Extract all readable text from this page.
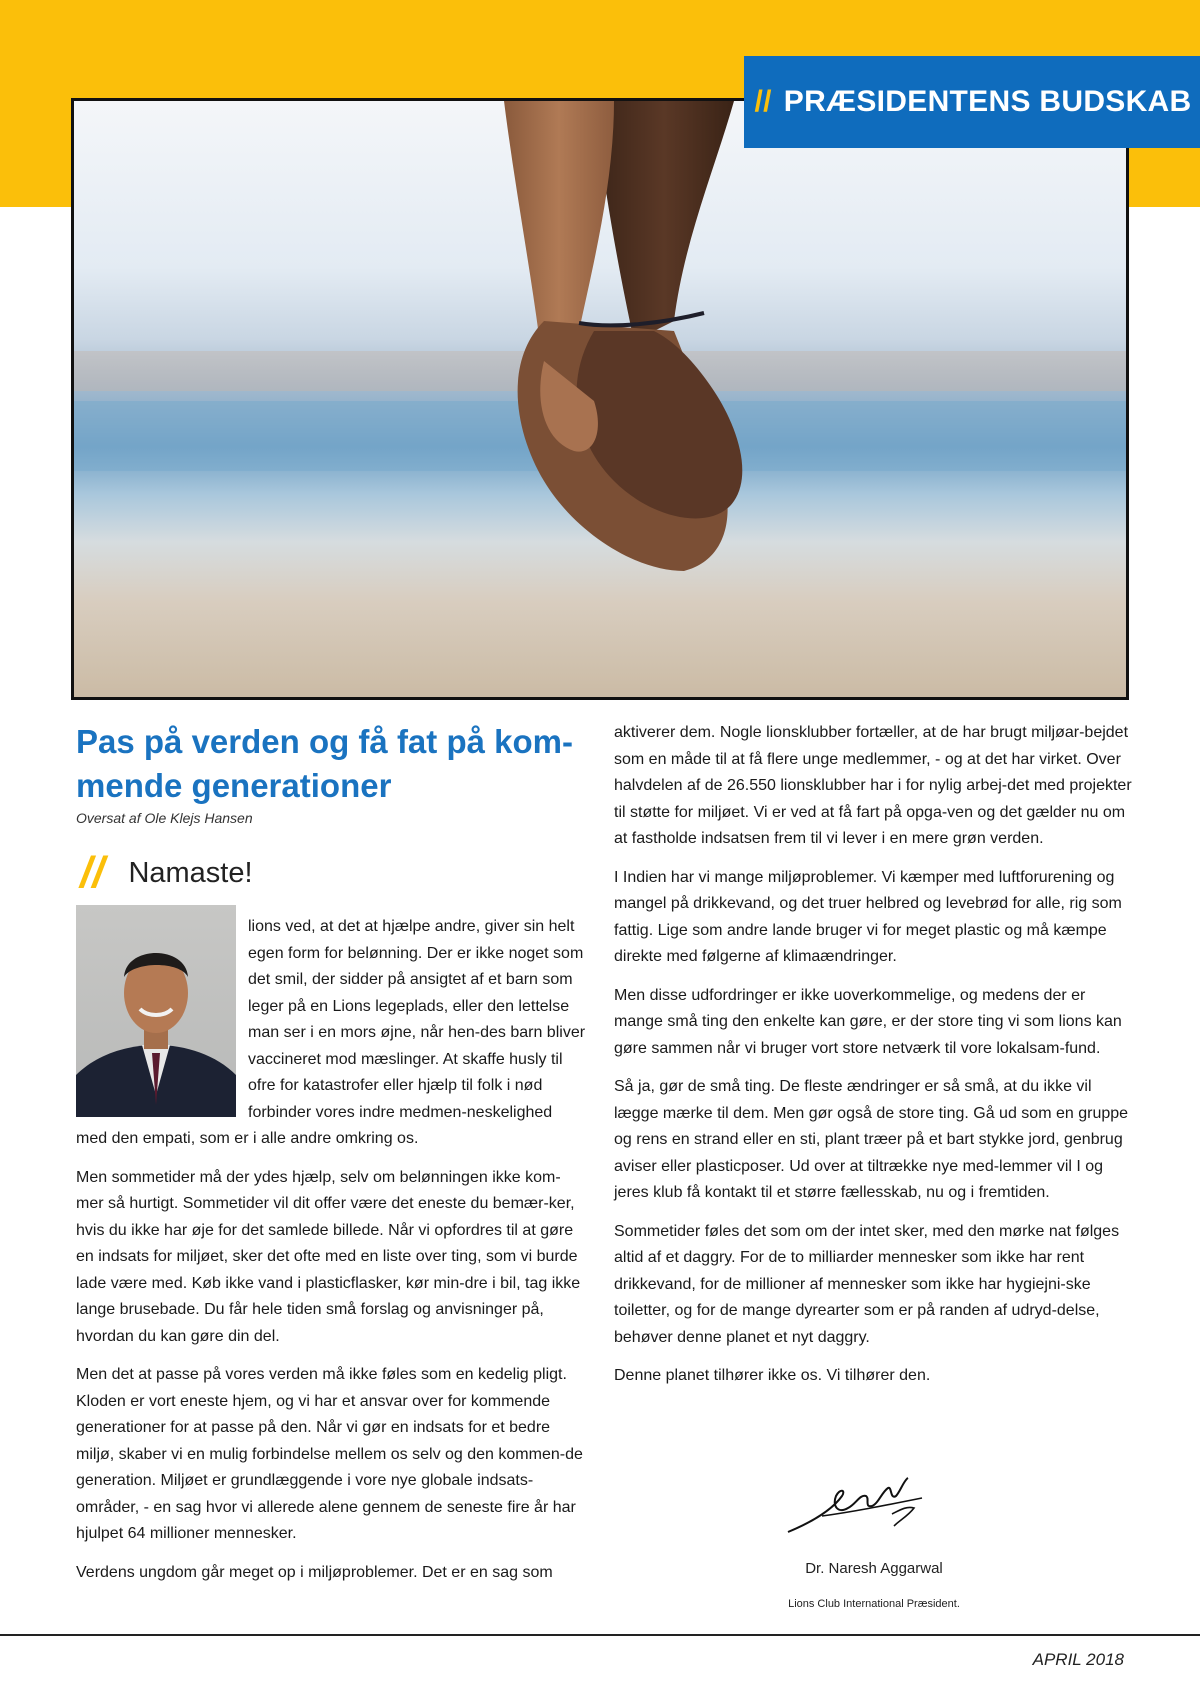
// PRÆSIDENTENS BUDSKAB
Pas på verden og få fat på kom-mende generationer
Oversat af Ole Klejs Hansen
// Namaste!

lions ved, at det at hjælpe andre, giver sin helt egen form for belønning. Der er ikke noget som det smil, der sidder på ansigtet af et barn som leger på en Lions legeplads, eller den lettelse man ser i en mors øjne, når hen-des barn bliver vaccineret mod mæslinger. At skaffe husly til ofre for katastrofer eller hjælp til folk i nød forbinder vores indre medmen-neskelighed med den empati, som er i alle andre omkring os.

Men sommetider må der ydes hjælp, selv om belønningen ikke kom-mer så hurtigt. Sommetider vil dit offer være det eneste du bemær-ker, hvis du ikke har øje for det samlede billede. Når vi opfordres til at gøre en indsats for miljøet, sker det ofte med en liste over ting, som vi burde lade være med. Køb ikke vand i plasticflasker, kør min-dre i bil, tag ikke lange brusebade. Du får hele tiden små forslag og anvisninger på, hvordan du kan gøre din del.

Men det at passe på vores verden må ikke føles som en kedelig pligt. Kloden er vort eneste hjem, og vi har et ansvar over for kommende generationer for at passe på den. Når vi gør en indsats for et bedre miljø, skaber vi en mulig forbindelse mellem os selv og den kommen-de generation. Miljøet er grundlæggende i vore nye globale indsats-områder, - en sag hvor vi allerede alene gennem de seneste fire år har hjulpet 64 millioner mennesker.

Verdens ungdom går meget op i miljøproblemer. Det er en sag som

aktiverer dem. Nogle lionsklubber fortæller, at de har brugt miljøar-bejdet som en måde til at få flere unge medlemmer, - og at det har virket. Over halvdelen af de 26.550 lionsklubber har i for nylig arbej-det med projekter til støtte for miljøet. Vi er ved at få fart på opga-ven og det gælder nu om at fastholde indsatsen frem til vi lever i en mere grøn verden.

I Indien har vi mange miljøproblemer. Vi kæmper med luftforurening og mangel på drikkevand, og det truer helbred og levebrød for alle, rig som fattig. Lige som andre lande bruger vi for meget plastic og må kæmpe direkte med følgerne af klimaændringer.

Men disse udfordringer er ikke uoverkommelige, og medens der er mange små ting den enkelte kan gøre, er der store ting vi som lions kan gøre sammen når vi bruger vort store netværk til vore lokalsam-fund.

Så ja, gør de små ting. De fleste ændringer er så små, at du ikke vil lægge mærke til dem. Men gør også de store ting. Gå ud som en gruppe og rens en strand eller en sti, plant træer på et bart stykke jord, genbrug aviser eller plasticposer. Ud over at tiltrække nye med-lemmer vil I og jeres klub få kontakt til et større fællesskab, nu og i fremtiden.

Sommetider føles det som om der intet sker, med den mørke nat følges altid af et daggry. For de to milliarder mennesker som ikke har rent drikkevand, for de millioner af mennesker som ikke har hygiejni-ske toiletter, og for de mange dyrearter som er på randen af udryd-delse, behøver denne planet et nyt daggry.

Denne planet tilhører ikke os. Vi tilhører den.

Dr. Naresh Aggarwal
Lions Club International Præsident.
APRIL 2018
